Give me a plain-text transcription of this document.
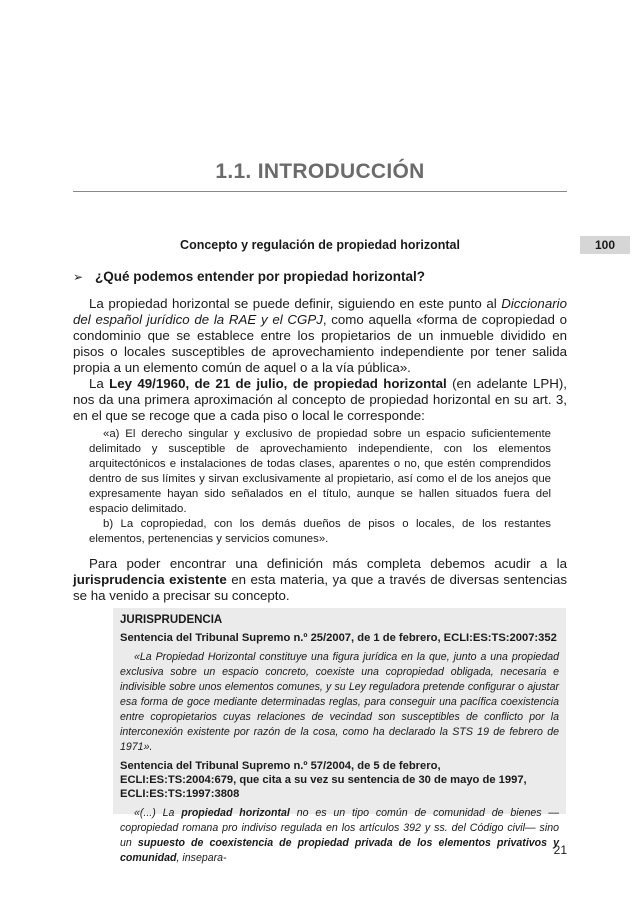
1.1. INTRODUCCIÓN
Concepto y regulación de propiedad horizontal	100
➢ ¿Qué podemos entender por propiedad horizontal?

La propiedad horizontal se puede definir, siguiendo en este punto al Diccionario del español jurídico de la RAE y el CGPJ, como aquella «forma de copropiedad o condominio que se establece entre los propietarios de un inmueble dividido en pisos o locales susceptibles de aprovechamiento independiente por tener salida propia a un elemento común de aquel o a la vía pública».

La Ley 49/1960, de 21 de julio, de propiedad horizontal (en adelante LPH), nos da una primera aproximación al concepto de propiedad horizontal en su art. 3, en el que se recoge que a cada piso o local le corresponde:

«a) El derecho singular y exclusivo de propiedad sobre un espacio suficientemente delimitado y susceptible de aprovechamiento independiente, con los elementos arquitectónicos e instalaciones de todas clases, aparentes o no, que estén comprendidos dentro de sus límites y sirvan exclusivamente al propietario, así como el de los anejos que expresamente hayan sido señalados en el título, aunque se hallen situados fuera del espacio delimitado.

b) La copropiedad, con los demás dueños de pisos o locales, de los restantes elementos, pertenencias y servicios comunes».

Para poder encontrar una definición más completa debemos acudir a la jurisprudencia existente en esta materia, ya que a través de diversas sentencias se ha venido a precisar su concepto.

JURISPRUDENCIA
Sentencia del Tribunal Supremo n.º 25/2007, de 1 de febrero, ECLI:ES:TS:2007:352
«La Propiedad Horizontal constituye una figura jurídica en la que, junto a una propiedad exclusiva sobre un espacio concreto, coexiste una copropiedad obligada, necesaria e indivisible sobre unos elementos comunes, y su Ley reguladora pretende configurar o ajustar esa forma de goce mediante determinadas reglas, para conseguir una pacífica coexistencia entre copropietarios cuyas relaciones de vecindad son susceptibles de conflicto por la interconexión existente por razón de la cosa, como ha declarado la STS 19 de febrero de 1971».
Sentencia del Tribunal Supremo n.º 57/2004, de 5 de febrero, ECLI:ES:TS:2004:679, que cita a su vez su sentencia de 30 de mayo de 1997, ECLI:ES:TS:1997:3808
«(...) La propiedad horizontal no es un tipo común de comunidad de bienes —copropiedad romana pro indiviso regulada en los artículos 392 y ss. del Código civil— sino un supuesto de coexistencia de propiedad privada de los elementos privativos y comunidad, insepara-
21
